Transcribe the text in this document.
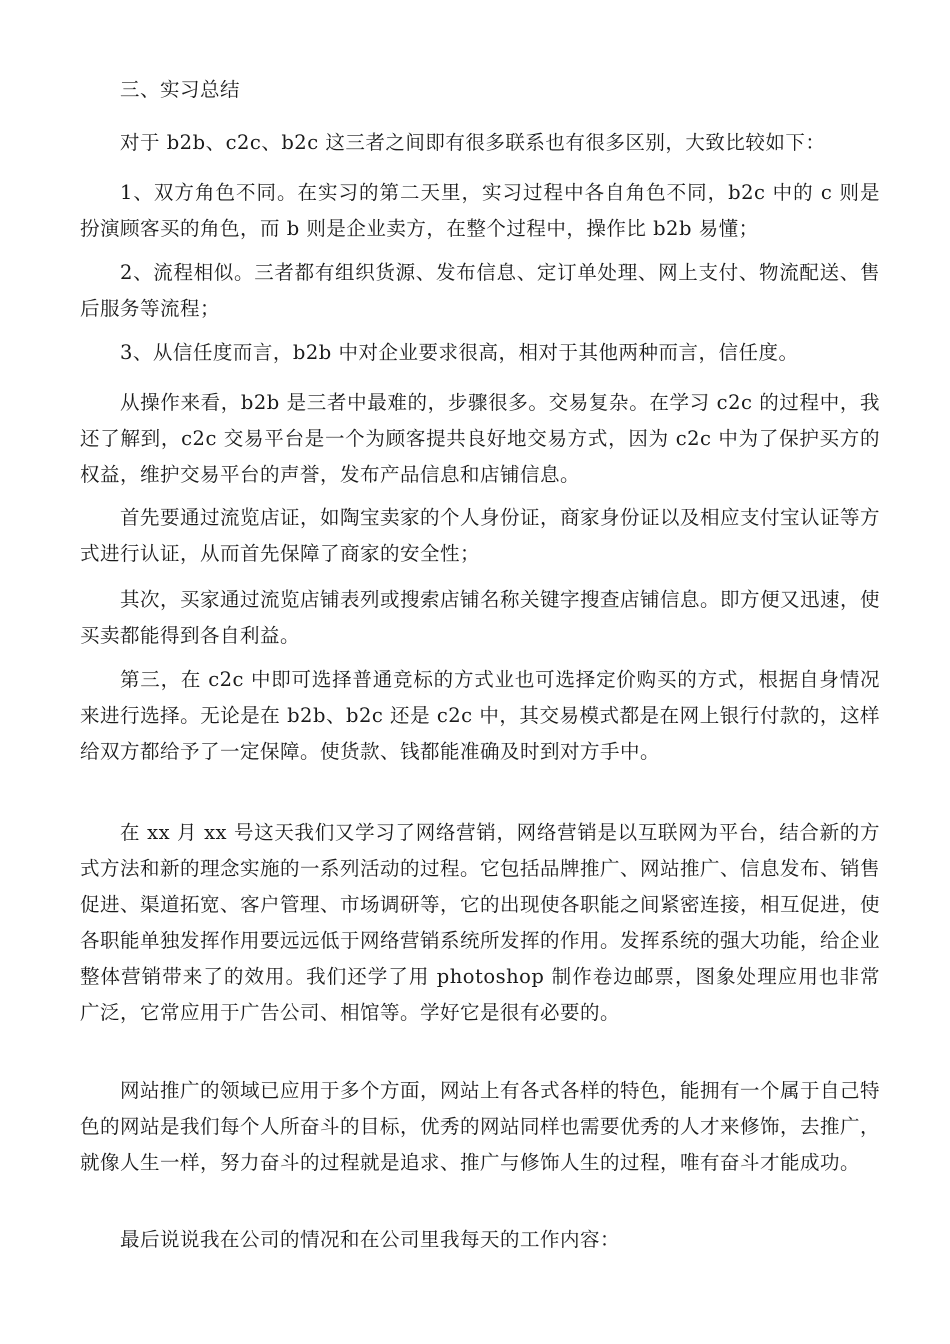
三、实习总结

对于 b2b、c2c、b2c 这三者之间即有很多联系也有很多区别，大致比较如下：

1、双方角色不同。在实习的第二天里，实习过程中各自角色不同，b2c 中的 c 则是扮演顾客买的角色，而 b 则是企业卖方，在整个过程中，操作比 b2b 易懂；

2、流程相似。三者都有组织货源、发布信息、定订单处理、网上支付、物流配送、售后服务等流程；

3、从信任度而言，b2b 中对企业要求很高，相对于其他两种而言，信任度。

从操作来看，b2b 是三者中最难的，步骤很多。交易复杂。在学习 c2c 的过程中，我还了解到，c2c 交易平台是一个为顾客提共良好地交易方式，因为 c2c 中为了保护买方的权益，维护交易平台的声誉，发布产品信息和店铺信息。

首先要通过流览店证，如陶宝卖家的个人身份证，商家身份证以及相应支付宝认证等方式进行认证，从而首先保障了商家的安全性；

其次，买家通过流览店铺表列或搜索店铺名称关键字搜查店铺信息。即方便又迅速，使买卖都能得到各自利益。

第三，在 c2c 中即可选择普通竞标的方式业也可选择定价购买的方式，根据自身情况来进行选择。无论是在 b2b、b2c 还是 c2c 中，其交易模式都是在网上银行付款的，这样给双方都给予了一定保障。使货款、钱都能准确及时到对方手中。

在 xx 月 xx 号这天我们又学习了网络营销，网络营销是以互联网为平台，结合新的方式方法和新的理念实施的一系列活动的过程。它包括品牌推广、网站推广、信息发布、销售促进、渠道拓宽、客户管理、市场调研等，它的出现使各职能之间紧密连接，相互促进，使各职能单独发挥作用要远远低于网络营销系统所发挥的作用。发挥系统的强大功能，给企业整体营销带来了的效用。我们还学了用 photoshop 制作卷边邮票，图象处理应用也非常广泛，它常应用于广告公司、相馆等。学好它是很有必要的。

网站推广的领域已应用于多个方面，网站上有各式各样的特色，能拥有一个属于自己特色的网站是我们每个人所奋斗的目标，优秀的网站同样也需要优秀的人才来修饰，去推广，就像人生一样，努力奋斗的过程就是追求、推广与修饰人生的过程，唯有奋斗才能成功。

最后说说我在公司的情况和在公司里我每天的工作内容：
